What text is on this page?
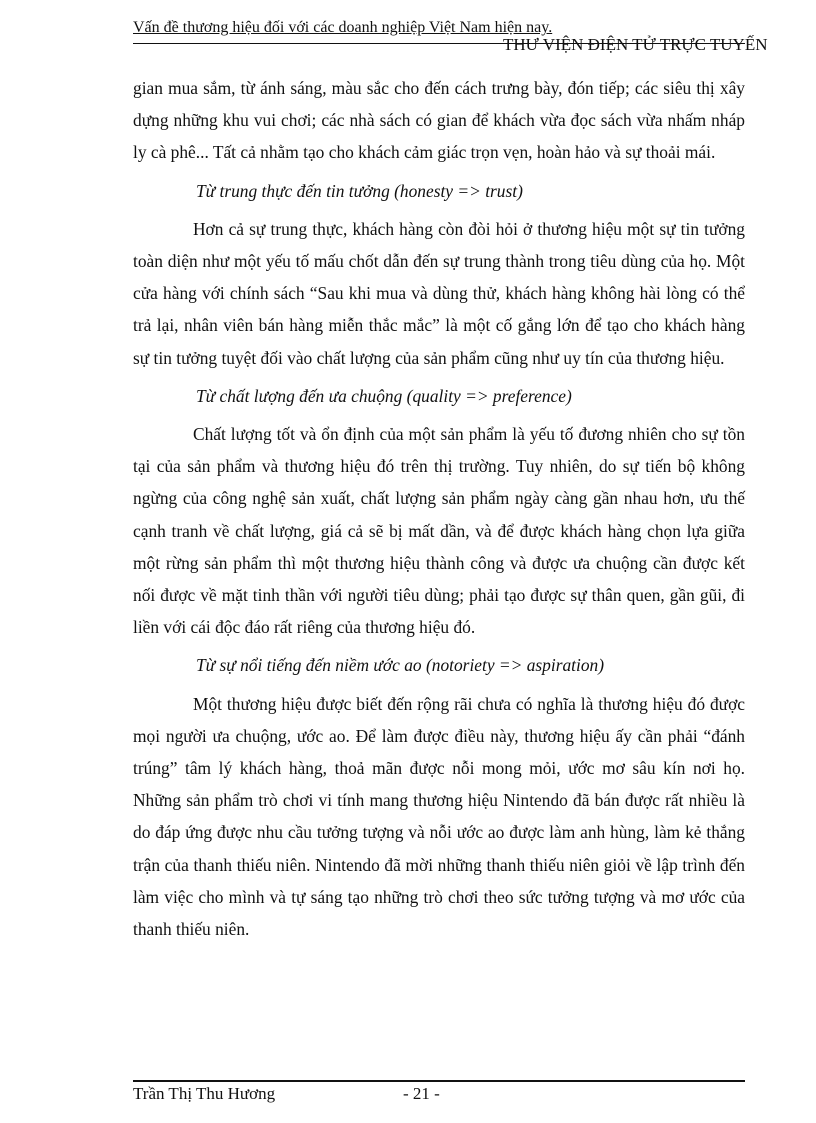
Vấn đề thương hiệu đối với các doanh nghiệp Việt Nam hiện nay.
THƯ VIỆN ĐIỆN TỬ TRỰC TUYẾN

gian mua sắm, từ ánh sáng, màu sắc cho đến cách trưng bày, đón tiếp; các siêu thị xây dựng những khu vui chơi; các nhà sách có gian để khách vừa đọc sách vừa nhấm nháp ly cà phê... Tất cả nhằm tạo cho khách cảm giác trọn vẹn, hoàn hảo và sự thoải mái.

Từ trung thực đến tin tưởng (honesty => trust)

Hơn cả sự trung thực, khách hàng còn đòi hỏi ở thương hiệu một sự tin tưởng toàn diện như một yếu tố mấu chốt dẫn đến sự trung thành trong tiêu dùng của họ. Một cửa hàng với chính sách “Sau khi mua và dùng thử, khách hàng không hài lòng có thể trả lại, nhân viên bán hàng miễn thắc mắc” là một cố gắng lớn để tạo cho khách hàng sự tin tưởng tuyệt đối vào chất lượng của sản phẩm cũng như uy tín của thương hiệu.

Từ chất lượng đến ưa chuộng (quality => preference)

Chất lượng tốt và ổn định của một sản phẩm là yếu tố đương nhiên cho sự tồn tại của sản phẩm và thương hiệu đó trên thị trường. Tuy nhiên, do sự tiến bộ không ngừng của công nghệ sản xuất, chất lượng sản phẩm ngày càng gần nhau hơn, ưu thế cạnh tranh về chất lượng, giá cả sẽ bị mất dần, và để được khách hàng chọn lựa giữa một rừng sản phẩm thì một thương hiệu thành công và được ưa chuộng cần được kết nối được về mặt tinh thần với người tiêu dùng; phải tạo được sự thân quen, gần gũi, đi liền với cái độc đáo rất riêng của thương hiệu đó.

Từ sự nổi tiếng đến niềm ước ao (notoriety => aspiration)

Một thương hiệu được biết đến rộng rãi chưa có nghĩa là thương hiệu đó được mọi người ưa chuộng, ước ao. Để làm được điều này, thương hiệu ấy cần phải “đánh trúng” tâm lý khách hàng, thoả mãn được nỗi mong mỏi, ước mơ sâu kín nơi họ. Những sản phẩm trò chơi vi tính mang thương hiệu Nintendo đã bán được rất nhiều là do đáp ứng được nhu cầu tưởng tượng và nỗi ước ao được làm anh hùng, làm kẻ thắng trận của thanh thiếu niên. Nintendo đã mời những thanh thiếu niên giỏi về lập trình đến làm việc cho mình và tự sáng tạo những trò chơi theo sức tưởng tượng và mơ ước của thanh thiếu niên.

Trần Thị Thu Hương	- 21 -
